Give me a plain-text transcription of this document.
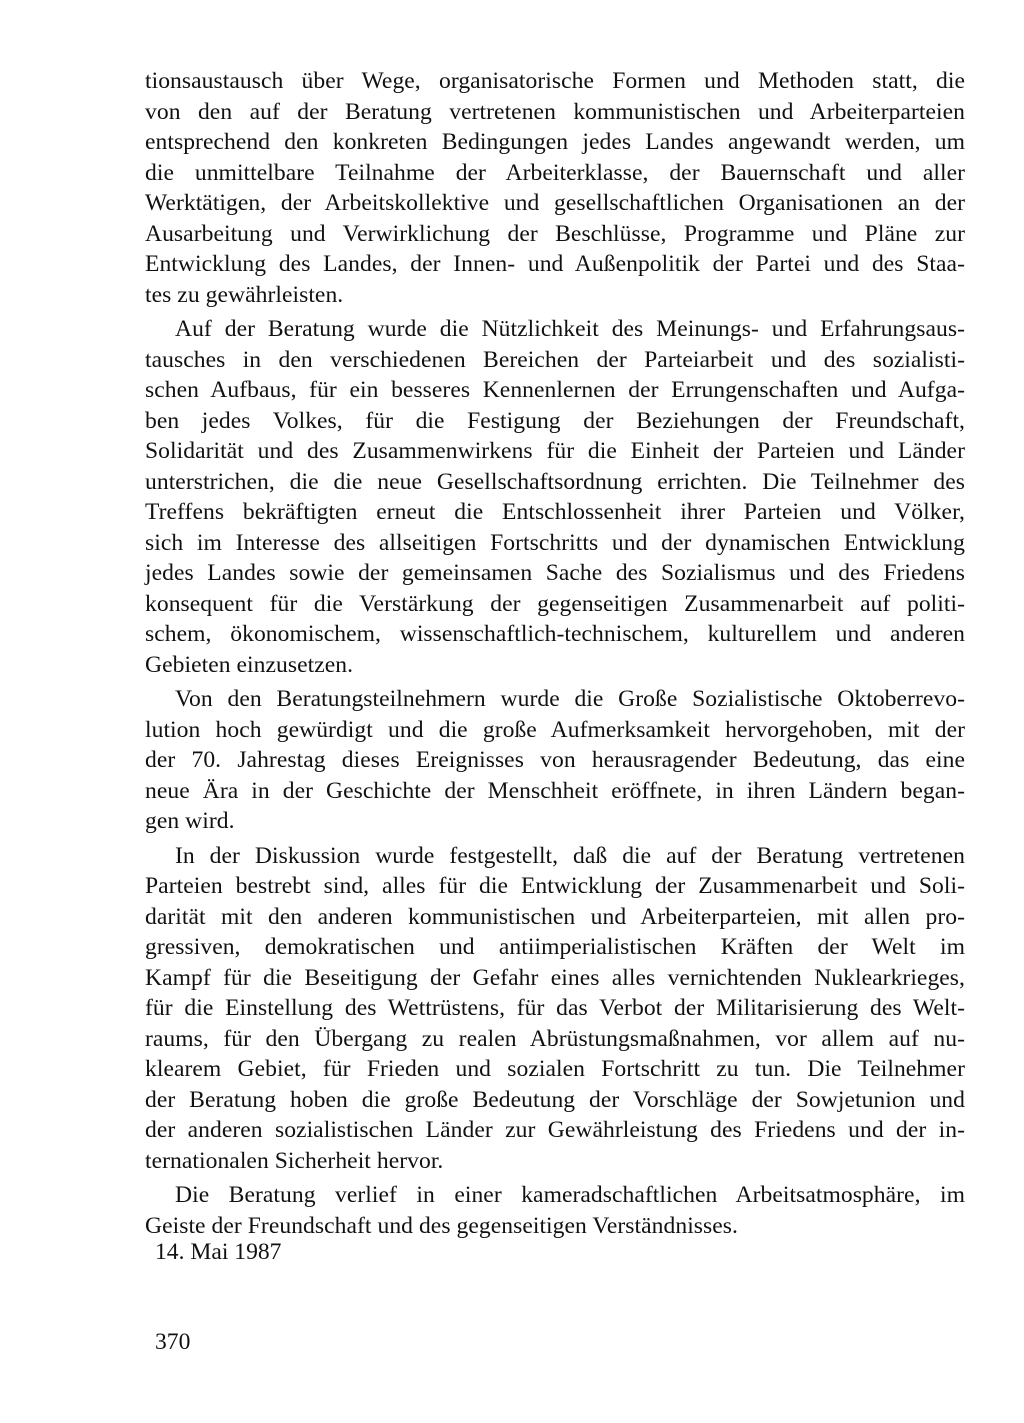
tionsaustausch über Wege, organisatorische Formen und Methoden statt, die
von den auf der Beratung vertretenen kommunistischen und Arbeiterparteien
entsprechend den konkreten Bedingungen jedes Landes angewandt werden, um
die unmittelbare Teilnahme der Arbeiterklasse, der Bauernschaft und aller
Werktätigen, der Arbeitskollektive und gesellschaftlichen Organisationen an der
Ausarbeitung und Verwirklichung der Beschlüsse, Programme und Pläne zur
Entwicklung des Landes, der Innen- und Außenpolitik der Partei und des Staa-
tes zu gewährleisten.
Auf der Beratung wurde die Nützlichkeit des Meinungs- und Erfahrungsaus-
tausches in den verschiedenen Bereichen der Parteiarbeit und des sozialisti-
schen Aufbaus, für ein besseres Kennenlernen der Errungenschaften und Aufga-
ben jedes Volkes, für die Festigung der Beziehungen der Freundschaft,
Solidarität und des Zusammenwirkens für die Einheit der Parteien und Länder
unterstrichen, die die neue Gesellschaftsordnung errichten. Die Teilnehmer des
Treffens bekräftigten erneut die Entschlossenheit ihrer Parteien und Völker,
sich im Interesse des allseitigen Fortschritts und der dynamischen Entwicklung
jedes Landes sowie der gemeinsamen Sache des Sozialismus und des Friedens
konsequent für die Verstärkung der gegenseitigen Zusammenarbeit auf politi-
schem, ökonomischem, wissenschaftlich-technischem, kulturellem und anderen
Gebieten einzusetzen.
Von den Beratungsteilnehmern wurde die Große Sozialistische Oktoberrevo-
lution hoch gewürdigt und die große Aufmerksamkeit hervorgehoben, mit der
der 70. Jahrestag dieses Ereignisses von herausragender Bedeutung, das eine
neue Ära in der Geschichte der Menschheit eröffnete, in ihren Ländern began-
gen wird.
In der Diskussion wurde festgestellt, daß die auf der Beratung vertretenen
Parteien bestrebt sind, alles für die Entwicklung der Zusammenarbeit und Soli-
darität mit den anderen kommunistischen und Arbeiterparteien, mit allen pro-
gressiven, demokratischen und antiimperialistischen Kräften der Welt im
Kampf für die Beseitigung der Gefahr eines alles vernichtenden Nuklearkrieges,
für die Einstellung des Wettrüstens, für das Verbot der Militarisierung des Welt-
raums, für den Übergang zu realen Abrüstungsmaßnahmen, vor allem auf nu-
klearem Gebiet, für Frieden und sozialen Fortschritt zu tun. Die Teilnehmer
der Beratung hoben die große Bedeutung der Vorschläge der Sowjetunion und
der anderen sozialistischen Länder zur Gewährleistung des Friedens und der in-
ternationalen Sicherheit hervor.
Die Beratung verlief in einer kameradschaftlichen Arbeitsatmosphäre, im
Geiste der Freundschaft und des gegenseitigen Verständnisses.
14. Mai 1987
370
